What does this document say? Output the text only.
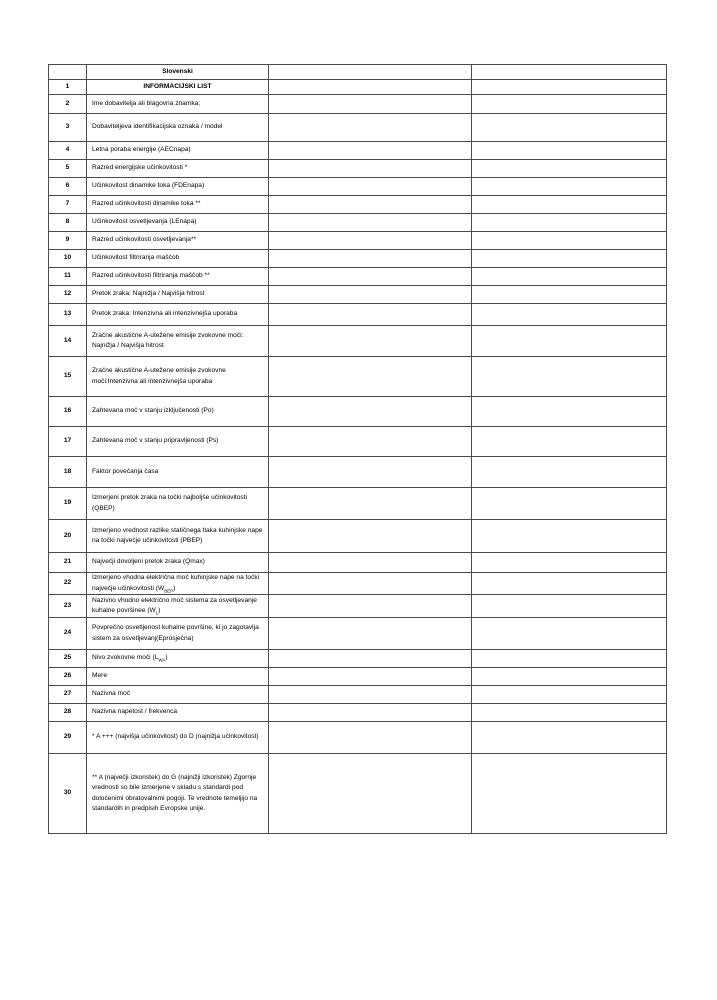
	Slovenski		
1	INFORMACIJSKI LIST		
2	Ime dobavitelja ali blagovna znamka;		
3	Dobaviteljeva identifikacijska oznaka / model		
4	Letna poraba energije (AECnapa)		
5	Razred energijske učinkovitosti *		
6	Učinkovitost dinamike toka (FDEnapa)		
7	Razred učinkovitosti dinamike toka **		
8	Učinkovitost osvetljevanja (LEnapa)		
9	Razred učinkovitosti osvetljevanja**		
10	Učinkovitost filtriranja maščob		
11	Razred učinkovitosti filtriranja maščob **		
12	Pretok zraka: Najnižja / Najvišja hitrost		
13	Pretok zraka: Intenzivna ali intenzivnejša uporaba		
14	Zračne akustične A-utežene emisije zvokovne moči: Najnižja / Najvišja hitrost		
15	Zračne akustične A-utežene emisije zvokovne moči:Intenzivna ali intenzivnejša uporaba		
16	Zahtevana moč v stanju izključenosti (Po)		
17	Zahtevana moč v stanju pripravljenosti (Ps)		
18	Faktor povečanja časa		
19	Izmerjeni pretok zraka na točki najboljše učinkovitosti (QBEP)		
20	Izmerjeno vrednost razlike statičnega tlaka kuhinjske nape na točki največje učinkovitosti (PBEP)		
21	Največji dovoljeni pretok zraka (Qmax)		
22	Izmerjeno vhodna električna moč kuhinjske nape na točki največje učinkovitosti $(W_{BEP})$		
23	Nazivno vhodno električno moč sistema za osvetljevanje kuhalne površinee $(W_L)$		
24	Povprečno osvetljenost kuhalne površine, ki jo zagotavlja sistem za osvetljevanj(Eprosječna)		
25	Nivo zvokovne moči $(L_{WA})$		
26	Mere		
27	Nazivna moč		
28	Nazivna napetost / frekvenca		
29	* A +++ (najvišja učinkovitost) do D (najnižja učinkovitost)		
30	** A (največji izkoristek) do G (najnižji izkoristek) Zgornje vrednosti so bile izmerjene v skladu s standardi pod določenimi obratovalnimi pogoji. Te vrednote temeljijo na standardih in predpisih Evropske unije.		
